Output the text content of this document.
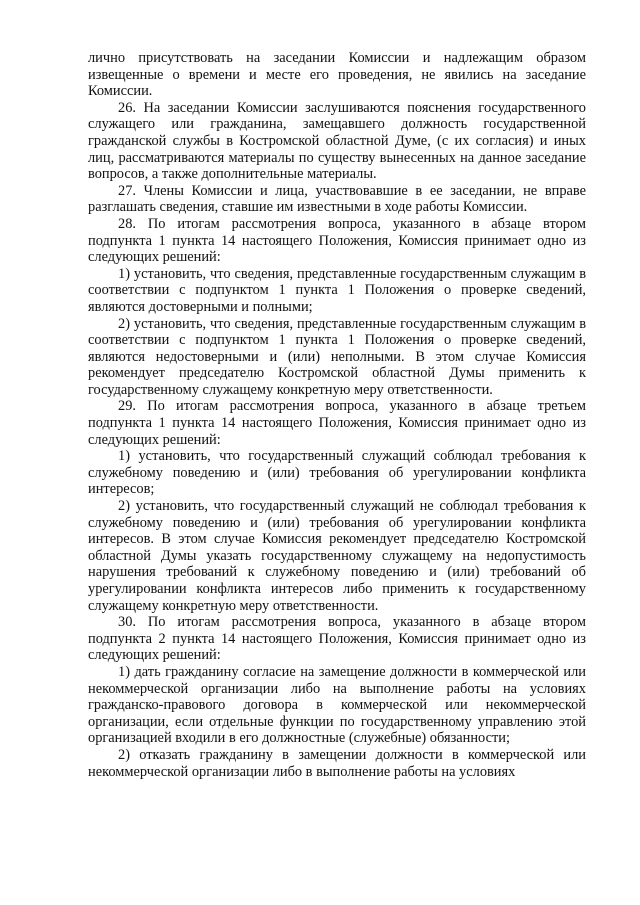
лично присутствовать на заседании Комиссии и надлежащим образом извещенные о времени и месте его проведения, не явились на заседание Комиссии.

26. На заседании Комиссии заслушиваются пояснения государственного служащего или гражданина, замещавшего должность государственной гражданской службы в Костромской областной Думе, (с их согласия) и иных лиц, рассматриваются материалы по существу вынесенных на данное заседание вопросов, а также дополнительные материалы.

27. Члены Комиссии и лица, участвовавшие в ее заседании, не вправе разглашать сведения, ставшие им известными в ходе работы Комиссии.

28. По итогам рассмотрения вопроса, указанного в абзаце втором подпункта 1 пункта 14 настоящего Положения, Комиссия принимает одно из следующих решений:

1) установить, что сведения, представленные государственным служащим в соответствии с подпунктом 1 пункта 1 Положения о проверке сведений, являются достоверными и полными;

2) установить, что сведения, представленные государственным служащим в соответствии с подпунктом 1 пункта 1 Положения о проверке сведений, являются недостоверными и (или) неполными. В этом случае Комиссия рекомендует председателю Костромской областной Думы применить к государственному служащему конкретную меру ответственности.

29. По итогам рассмотрения вопроса, указанного в абзаце третьем подпункта 1 пункта 14 настоящего Положения, Комиссия принимает одно из следующих решений:

1) установить, что государственный служащий соблюдал требования к служебному поведению и (или) требования об урегулировании конфликта интересов;

2) установить, что государственный служащий не соблюдал требования к служебному поведению и (или) требования об урегулировании конфликта интересов. В этом случае Комиссия рекомендует председателю Костромской областной Думы указать государственному служащему на недопустимость нарушения требований к служебному поведению и (или) требований об урегулировании конфликта интересов либо применить к государственному служащему конкретную меру ответственности.

30. По итогам рассмотрения вопроса, указанного в абзаце втором подпункта 2 пункта 14 настоящего Положения, Комиссия принимает одно из следующих решений:

1) дать гражданину согласие на замещение должности в коммерческой или некоммерческой организации либо на выполнение работы на условиях гражданско-правового договора в коммерческой или некоммерческой организации, если отдельные функции по государственному управлению этой организацией входили в его должностные (служебные) обязанности;

2) отказать гражданину в замещении должности в коммерческой или некоммерческой организации либо в выполнение работы на условиях
